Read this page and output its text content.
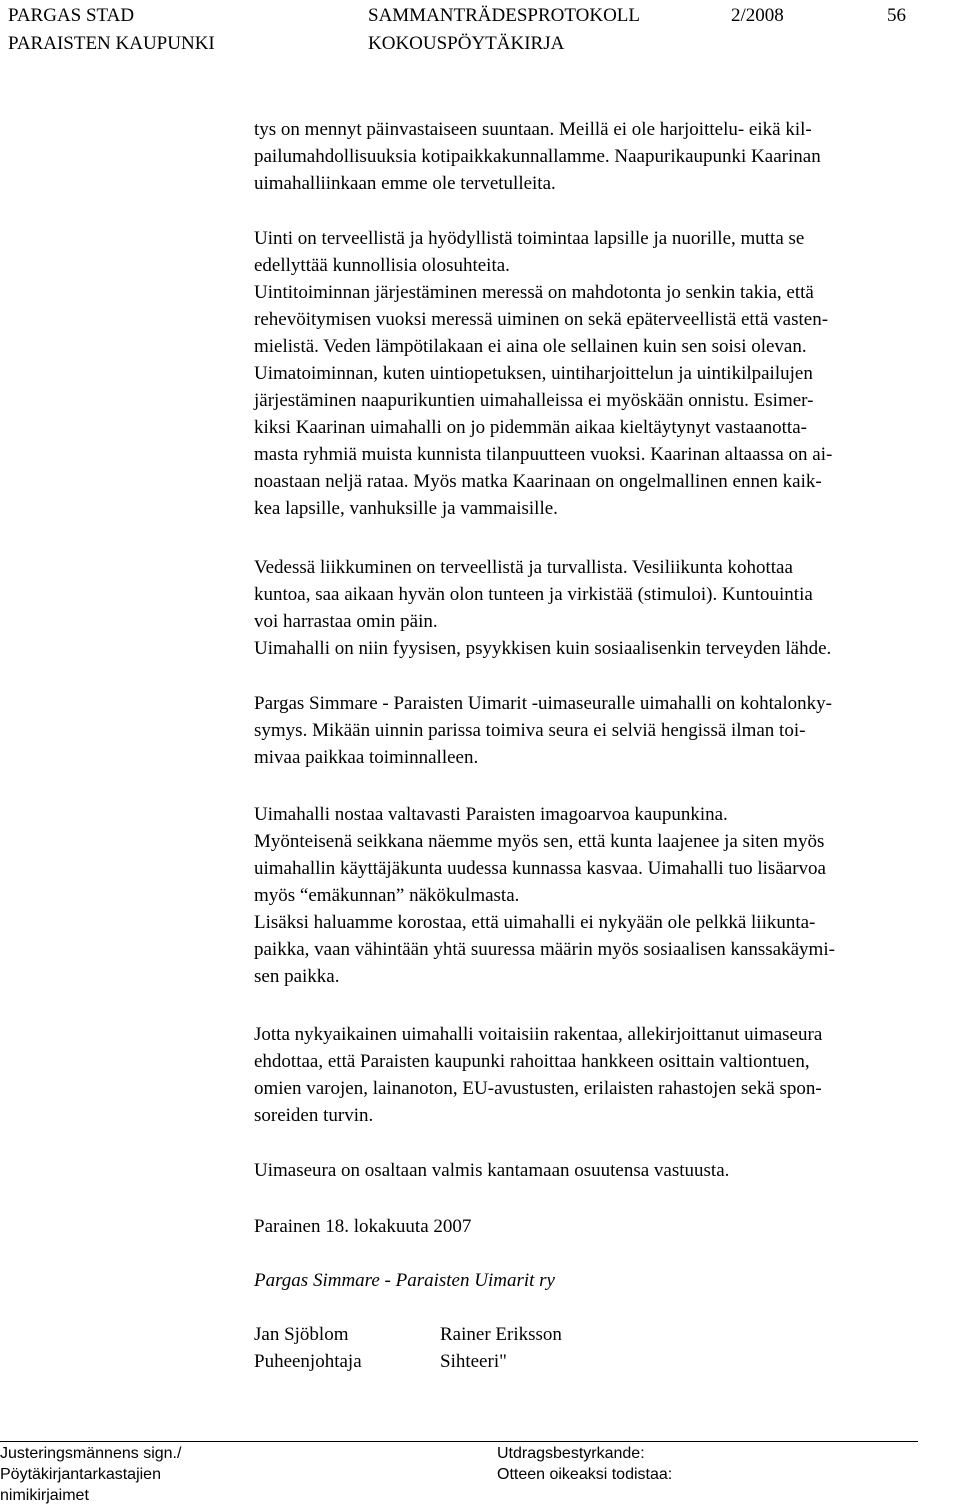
PARGAS STAD
PARAISTEN KAUPUNKI
SAMMANTRÄDESPROTOKOLL
KOKOUSPÖYTÄKIRJA
2/2008	56
tys on mennyt päinvastaiseen suuntaan. Meillä ei ole harjoittelu- eikä kil-
pailumahdollisuuksia kotipaikkakunnallamme. Naapurikaupunki Kaarinan
uimahalliinkaan emme ole tervetulleita.
Uinti on terveellistä ja hyödyllistä toimintaa lapsille ja nuorille, mutta se
edellyttää kunnollisia olosuhteita.
Uintitoiminnan järjestäminen meressä on mahdotonta jo senkin takia, että
rehevöitymisen vuoksi meressä uiminen on sekä epäterveellistä että vasten-
mielistä. Veden lämpötilakaan ei aina ole sellainen kuin sen soisi olevan.
Uimatoiminnan, kuten uintiopetuksen, uintiharjoittelun ja uintikilpailujen
järjestäminen naapurikuntien uimahalleissa ei myöskään onnistu. Esimer-
kiksi Kaarinan uimahalli on jo pidemmän aikaa kieltäytynyt vastaanotta-
masta ryhmiä muista kunnista tilanpuutteen vuoksi. Kaarinan altaassa on ai-
noastaan neljä rataa. Myös matka Kaarinaan on ongelmallinen ennen kaik-
kea lapsille, vanhuksille ja vammaisille.
Vedessä liikkuminen on terveellistä ja turvallista. Vesiliikunta kohottaa
kuntoa, saa aikaan hyvän olon tunteen ja virkistää (stimuloi). Kuntouintia
voi harrastaa omin päin.
Uimahalli on niin fyysisen, psyykkisen kuin sosiaalisenkin terveyden lähde.
Pargas Simmare - Paraisten Uimarit -uimaseuralle uimahalli on kohtalonky-
symys. Mikään uinnin parissa toimiva seura ei selviä hengissä ilman toi-
mivaa paikkaa toiminnalleen.
Uimahalli nostaa valtavasti Paraisten imagoarvoa kaupunkina.
Myönteisenä seikkana näemme myös sen, että kunta laajenee ja siten myös
uimahallin käyttäjäkunta uudessa kunnassa kasvaa. Uimahalli tuo lisäarvoa
myös “emäkunnan” näkökulmasta.
Lisäksi haluamme korostaa, että uimahalli ei nykyään ole pelkkä liikunta-
paikka, vaan vähintään yhtä suuressa määrin myös sosiaalisen kanssakäymi-
sen paikka.
Jotta nykyaikainen uimahalli voitaisiin rakentaa, allekirjoittanut uimaseura
ehdottaa, että Paraisten kaupunki rahoittaa hankkeen osittain valtiontuen,
omien varojen, lainanoton, EU-avustusten, erilaisten rahastojen sekä spon-
soreiden turvin.
Uimaseura on osaltaan valmis kantamaan osuutensa vastuusta.
Parainen 18. lokakuuta 2007
Pargas Simmare - Paraisten Uimarit ry
Jan Sjöblom
Puheenjohtaja
Rainer Eriksson
Sihteeri"
Justeringsmännens sign./
Pöytäkirjantarkastajien
nimikirjaimet
Utdragsbestyrkande:
Otteen oikeaksi todistaa:
